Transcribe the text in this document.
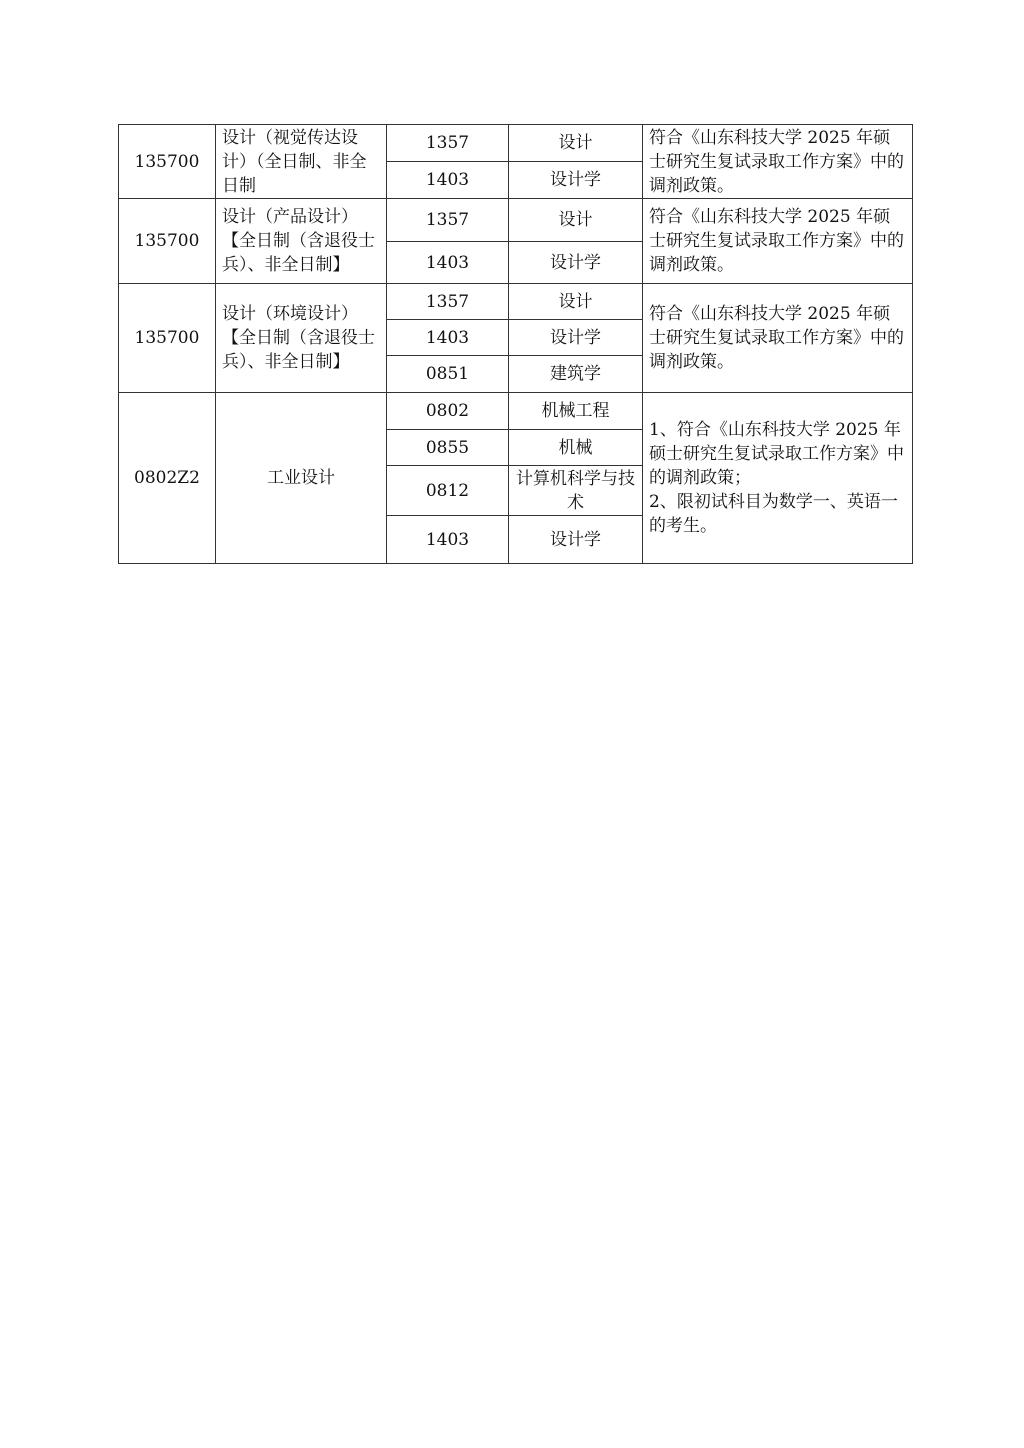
135700	设计（视觉传达设计）（全日制、非全日制	1357	设计	符合《山东科技大学 2025 年硕士研究生复试录取工作方案》中的调剂政策。
		1403	设计学	
135700	设计（产品设计）【全日制（含退役士兵）、非全日制】	1357	设计	符合《山东科技大学 2025 年硕士研究生复试录取工作方案》中的调剂政策。
		1403	设计学	
135700	设计（环境设计）【全日制（含退役士兵）、非全日制】	1357	设计	符合《山东科技大学 2025 年硕士研究生复试录取工作方案》中的调剂政策。
		1403	设计学	
		0851	建筑学	
0802Z2	工业设计	0802	机械工程	1、符合《山东科技大学 2025 年硕士研究生复试录取工作方案》中的调剂政策；
2、限初试科目为数学一、英语一的考生。
		0855	机械	
		0812	计算机科学与技术	
		1403	设计学	
